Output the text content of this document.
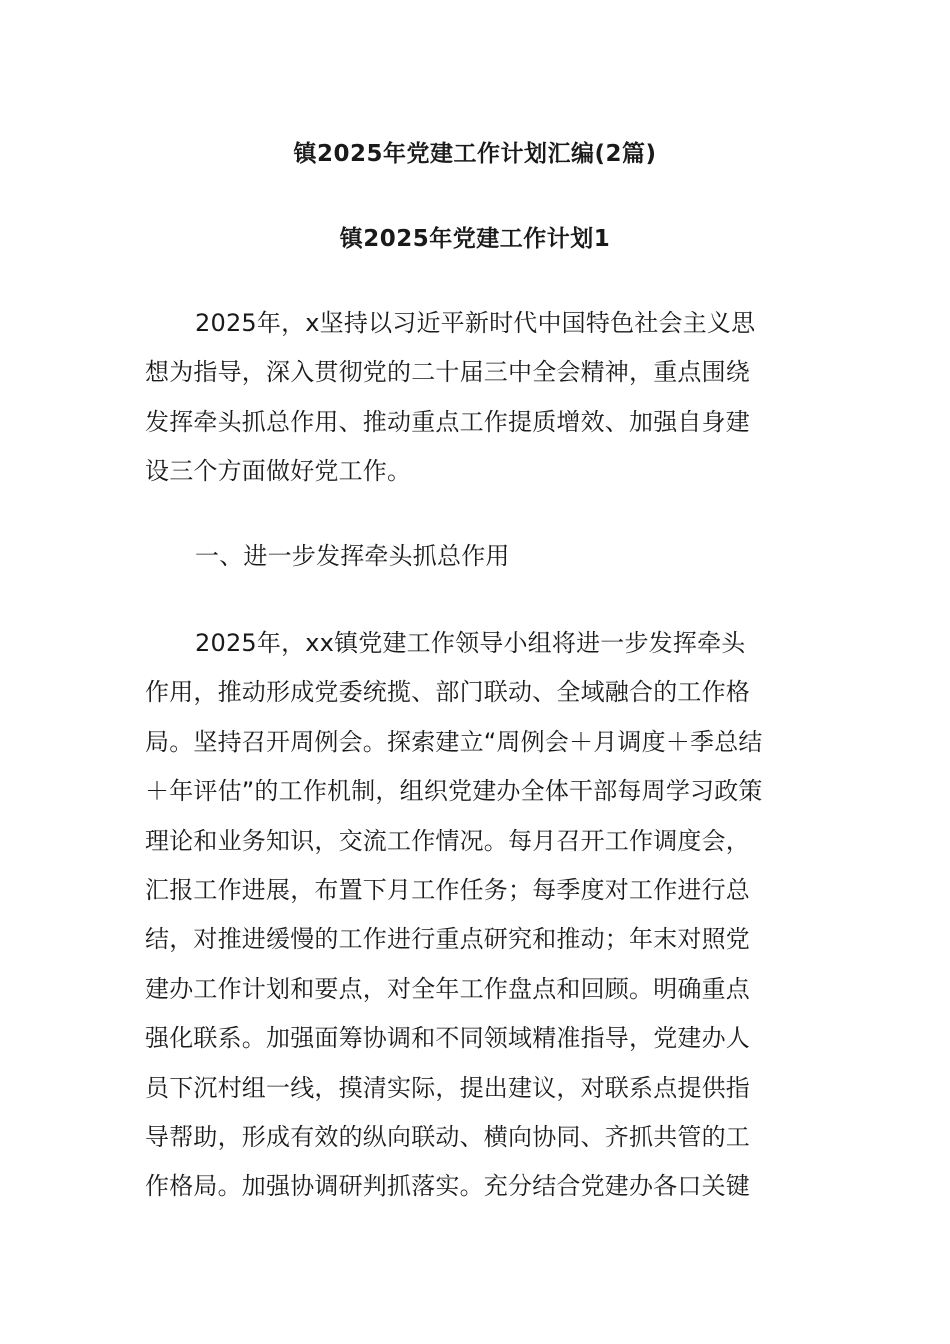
镇2025年党建工作计划汇编(2篇)
镇2025年党建工作计划1
2025年，x坚持以习近平新时代中国特色社会主义思
想为指导，深入贯彻党的二十届三中全会精神，重点围绕
发挥牵头抓总作用、推动重点工作提质增效、加强自身建
设三个方面做好党工作。
一、进一步发挥牵头抓总作用
2025年，xx镇党建工作领导小组将进一步发挥牵头
作用，推动形成党委统揽、部门联动、全域融合的工作格
局。坚持召开周例会。探索建立“周例会＋月调度＋季总结
＋年评估”的工作机制，组织党建办全体干部每周学习政策
理论和业务知识，交流工作情况。每月召开工作调度会，
汇报工作进展，布置下月工作任务；每季度对工作进行总
结，对推进缓慢的工作进行重点研究和推动；年末对照党
建办工作计划和要点，对全年工作盘点和回顾。明确重点
强化联系。加强面筹协调和不同领域精准指导，党建办人
员下沉村组一线，摸清实际，提出建议，对联系点提供指
导帮助，形成有效的纵向联动、横向协同、齐抓共管的工
作格局。加强协调研判抓落实。充分结合党建办各口关键
